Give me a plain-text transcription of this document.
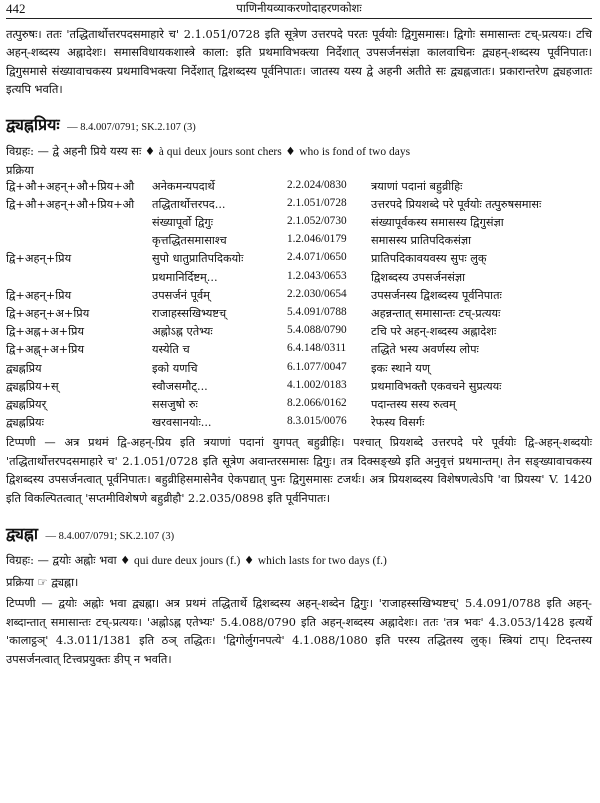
442	पाणिनीयव्याकरणोदाहरणकोशः

तत्पुरुषः। ततः 'तद्धितार्थोत्तरपदसमाहारे च' 2.1.051/0728 इति सूत्रेण उत्तरपदे परतः पूर्वयोः द्विगुसमासः। द्विगोः समासान्तः टच्-प्रत्ययः। टचि अहन्-शब्दस्य अह्नादेशः। समासविधायकशास्त्रे काला: इति प्रथमाविभक्त्या निर्देशात् उपसर्जनसंज्ञा कालवाचिनः द्व्यहन्-शब्दस्य पूर्वनिपातः। द्विगुसमासे संख्यावाचकस्य प्रथमाविभक्त्या निर्देशात् द्विशब्दस्य पूर्वनिपातः। जातस्य यस्य द्वे अहनी अतीते सः द्व्यह्नजातः। प्रकारान्तरेण द्व्यहजातः इत्यपि भवति।

द्व्यह्नप्रियः — 8.4.007/0791; SK.2.107 (3)
विग्रहः: — द्वे अहनी प्रिये यस्य सः ♦ à qui deux jours sont chers ♦ who is fond of two days
प्रक्रिया
द्वि+औ+अहन्+औ+प्रिय+औ	अनेकमन्यपदार्थे	2.2.024/0830	त्रयाणां पदानां बहुव्रीहिः
द्वि+औ+अहन्+औ+प्रिय+औ	तद्धितार्थोत्तरपद...	2.1.051/0728	उत्तरपदे प्रियशब्दे परे पूर्वयोः तत्पुरुषसमासः
	संख्यापूर्वो द्विगुः	2.1.052/0730	संख्यापूर्वकस्य समासस्य द्विगुसंज्ञा
	कृत्तद्धितसमासाश्च	1.2.046/0179	समासस्य प्रातिपदिकसंज्ञा
द्वि+अहन्+प्रिय	सुपो धातुप्रातिपदिकयोः	2.4.071/0650	प्रातिपदिकावयवस्य सुपः लुक्
	प्रथमानिर्दिष्टम्...	1.2.043/0653	द्विशब्दस्य उपसर्जनसंज्ञा
द्वि+अहन्+प्रिय	उपसर्जनं पूर्वम्	2.2.030/0654	उपसर्जनस्य द्विशब्दस्य पूर्वनिपातः
द्वि+अहन्+अ+प्रिय	राजाहस्सखिभ्यष्टच्	5.4.091/0788	अहन्नन्तात् समासान्तः टच्-प्रत्ययः
द्वि+अह्न+अ+प्रिय	अह्नोऽह्न एतेभ्यः	5.4.088/0790	टचि परे अहन्-शब्दस्य अह्नादेशः
द्वि+अह्न्+अ+प्रिय	यस्येति च	6.4.148/0311	तद्धिते भस्य अवर्णस्य लोपः
द्व्यह्नप्रिय	इको यणचि	6.1.077/0047	इकः स्थाने यण्
द्व्यह्नप्रिय+स्	स्वौजसमौट्...	4.1.002/0183	प्रथमाविभक्तौ एकवचने सुप्रत्ययः
द्व्यह्नप्रियर्	ससजुषो रुः	8.2.066/0162	पदान्तस्य सस्य रुत्वम्
द्व्यह्नप्रियः	खरवसानयोः...	8.3.015/0076	रेफस्य विसर्गः

टिप्पणी — अत्र प्रथमं द्वि-अहन्-प्रिय इति त्रयाणां पदानां युगपत् बहुव्रीहिः। पश्चात् प्रियशब्दे उत्तरपदे परे पूर्वयोः द्वि-अहन्-शब्दयोः 'तद्धितार्थोत्तरपदसमाहारे च' 2.1.051/0728 इति सूत्रेण अवान्तरसमासः द्विगुः। तत्र दिक्सङ्ख्ये इति अनुवृत्तं प्रथमान्तम्। तेन सङ्ख्यावाचकस्य द्विशब्दस्य उपसर्जनत्वात् पूर्वनिपातः। बहुव्रीहिसमासेनैव ऐकपद्यात् पुनः द्विगुसमासः टजर्थः। अत्र प्रियशब्दस्य विशेषणत्वेऽपि 'वा प्रियस्य' V. 1420 इति विकल्पितत्वात् 'सप्तमीविशेषणे बहुव्रीहौ' 2.2.035/0898 इति पूर्वनिपातः।

द्व्यह्ना — 8.4.007/0791; SK.2.107 (3)
विग्रहः: — द्वयोः अह्नोः भवा ♦ qui dure deux jours (f.) ♦ which lasts for two days (f.)
प्रक्रिया ☞ द्व्यह्ना।

टिप्पणी — द्वयोः अह्नोः भवा द्व्यह्ना। अत्र प्रथमं तद्धितार्थे द्विशब्दस्य अहन्-शब्देन द्विगुः। 'राजाहस्सखिभ्यष्टच्' 5.4.091/0788 इति अहन्-शब्दान्तात् समासान्तः टच्-प्रत्ययः। 'अह्नोऽह्न एतेभ्यः' 5.4.088/0790 इति अहन्-शब्दस्य अह्नादेशः। ततः 'तत्र भवः' 4.3.053/1428 इत्यर्थे 'कालाट्ठञ्' 4.3.011/1381 इति ठञ् तद्धितः। 'द्विगोर्लुगनपत्ये' 4.1.088/1080 इति परस्य तद्धितस्य लुक्। स्त्रियां टाप्। टिदन्तस्य उपसर्जनत्वात् टित्त्वप्रयुक्तः ङीप् न भवति।
